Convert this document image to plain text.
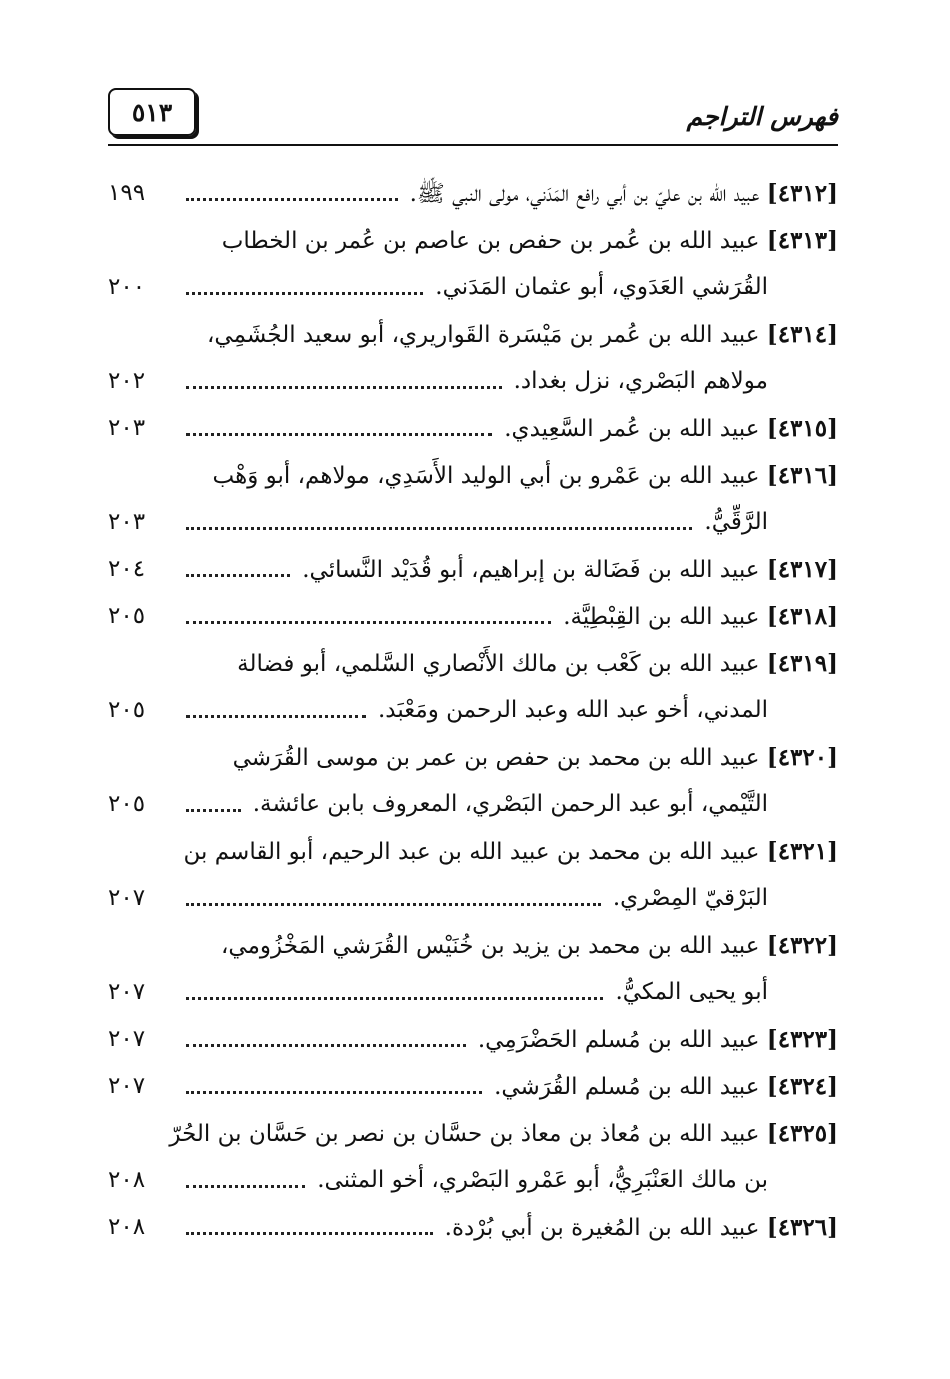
فهرس التراجم
٥١٣
[٤٣١٢] عبيد الله بن عليّ بن أبي رافع المَدَني، مولى النبي ﷺ.
١٩٩
[٤٣١٣] عبيد الله بن عُمر بن حفص بن عاصم بن عُمر بن الخطاب
القُرَشي العَدَوي، أبو عثمان المَدَني.
٢٠٠
[٤٣١٤] عبيد الله بن عُمر بن مَيْسَرة القَواريري، أبو سعيد الجُشَمِي،
مولاهم البَصْري، نزل بغداد.
٢٠٢
[٤٣١٥] عبيد الله بن عُمر السَّعِيدي.
٢٠٣
[٤٣١٦] عبيد الله بن عَمْرو بن أبي الوليد الأَسَدِي، مولاهم، أبو وَهْب
الرَّقِّيُّ.
٢٠٣
[٤٣١٧] عبيد الله بن فَضَالة بن إبراهيم، أبو قُدَيْد النَّسائي.
٢٠٤
[٤٣١٨] عبيد الله بن القِبْطِيَّة.
٢٠٥
[٤٣١٩] عبيد الله بن كَعْب بن مالك الأَنْصاري السَّلمي، أبو فضالة
المدني، أخو عبد الله وعبد الرحمن ومَعْبَد.
٢٠٥
[٤٣٢٠] عبيد الله بن محمد بن حفص بن عمر بن موسى القُرَشي
التَّيْمي، أبو عبد الرحمن البَصْري، المعروف بابن عائشة.
٢٠٥
[٤٣٢١] عبيد الله بن محمد بن عبيد الله بن عبد الرحيم، أبو القاسم بن
البَرْقيّ المِصْري.
٢٠٧
[٤٣٢٢] عبيد الله بن محمد بن يزيد بن خُنَيْس القُرَشي المَخْزُومي،
أبو يحيى المكيُّ.
٢٠٧
[٤٣٢٣] عبيد الله بن مُسلم الحَضْرَمِي.
٢٠٧
[٤٣٢٤] عبيد الله بن مُسلم القُرَشي.
٢٠٧
[٤٣٢٥] عبيد الله بن مُعاذ بن معاذ بن حسَّان بن نصر بن حَسَّان بن الحُرّ
بن مالك العَنْبَرِيُّ، أبو عَمْرو البَصْري، أخو المثنى.
٢٠٨
[٤٣٢٦] عبيد الله بن المُغيرة بن أبي بُرْدة.
٢٠٨
